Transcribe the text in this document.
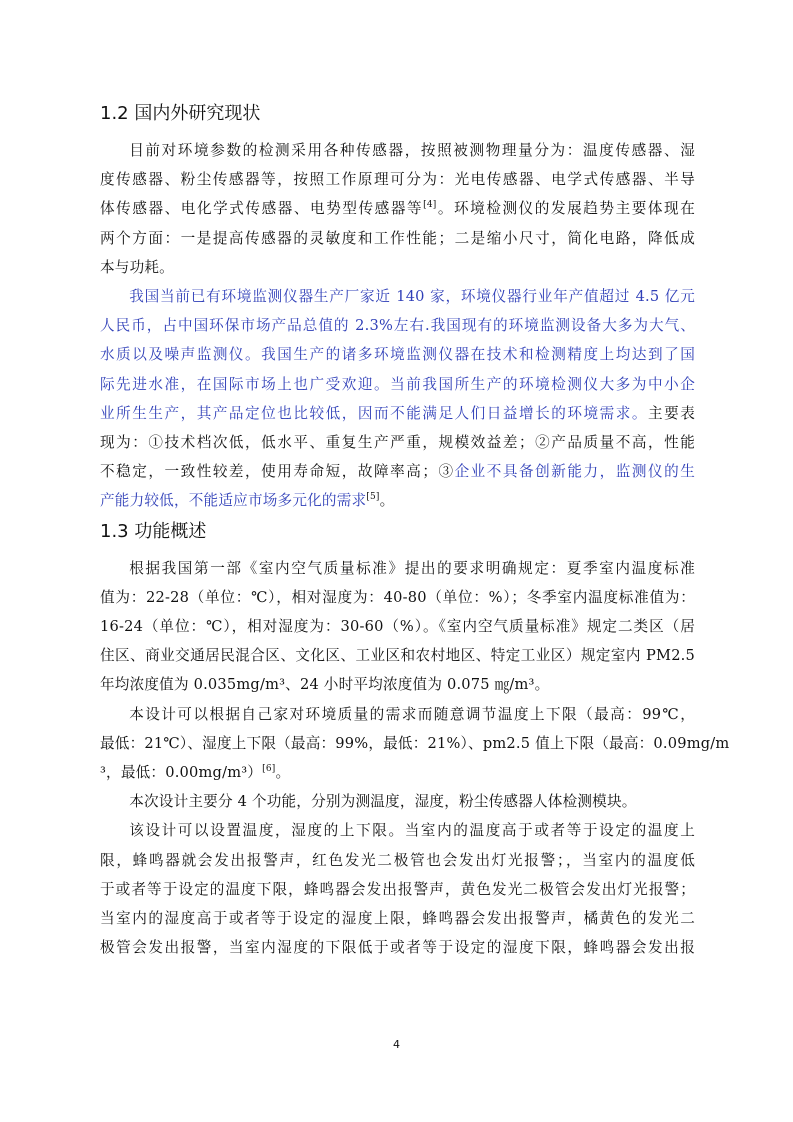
1.2 国内外研究现状
目前对环境参数的检测采用各种传感器，按照被测物理量分为：温度传感器、湿
度传感器、粉尘传感器等，按照工作原理可分为：光电传感器、电学式传感器、半导
体传感器、电化学式传感器、电势型传感器等[4]。环境检测仪的发展趋势主要体现在
两个方面：一是提高传感器的灵敏度和工作性能；二是缩小尺寸，简化电路，降低成
本与功耗。
我国当前已有环境监测仪器生产厂家近 140 家，环境仪器行业年产值超过 4.5 亿元
人民币，占中国环保市场产品总值的 2.3%左右.我国现有的环境监测设备大多为大气、
水质以及噪声监测仪。我国生产的诸多环境监测仪器在技术和检测精度上均达到了国
际先进水准，在国际市场上也广受欢迎。当前我国所生产的环境检测仪大多为中小企
业所生生产，其产品定位也比较低，因而不能满足人们日益增长的环境需求。主要表
现为：①技术档次低，低水平、重复生产严重，规模效益差；②产品质量不高，性能
不稳定，一致性较差，使用寿命短，故障率高；③企业不具备创新能力，监测仪的生
产能力较低，不能适应市场多元化的需求[5]。
1.3 功能概述
根据我国第一部《室内空气质量标准》提出的要求明确规定：夏季室内温度标准
值为：22-28（单位：℃），相对湿度为：40-80（单位：%）；冬季室内温度标准值为：
16-24（单位：℃），相对湿度为：30-60（%）。《室内空气质量标准》规定二类区（居
住区、商业交通居民混合区、文化区、工业区和农村地区、特定工业区）规定室内 PM2.5
年均浓度值为 0.035mg/m³、24 小时平均浓度值为 0.075 ㎎/m³。
本设计可以根据自己家对环境质量的需求而随意调节温度上下限（最高：99℃，
最低：21℃）、湿度上下限（最高：99%，最低：21%）、pm2.5 值上下限（最高：0.09mg/m
³，最低：0.00mg/m³）[6]。
本次设计主要分 4 个功能，分别为测温度，湿度，粉尘传感器人体检测模块。
该设计可以设置温度，湿度的上下限。当室内的温度高于或者等于设定的温度上
限，蜂鸣器就会发出报警声，红色发光二极管也会发出灯光报警；，当室内的温度低
于或者等于设定的温度下限，蜂鸣器会发出报警声，黄色发光二极管会发出灯光报警；
当室内的湿度高于或者等于设定的湿度上限，蜂鸣器会发出报警声，橘黄色的发光二
极管会发出报警，当室内湿度的下限低于或者等于设定的湿度下限，蜂鸣器会发出报
4
